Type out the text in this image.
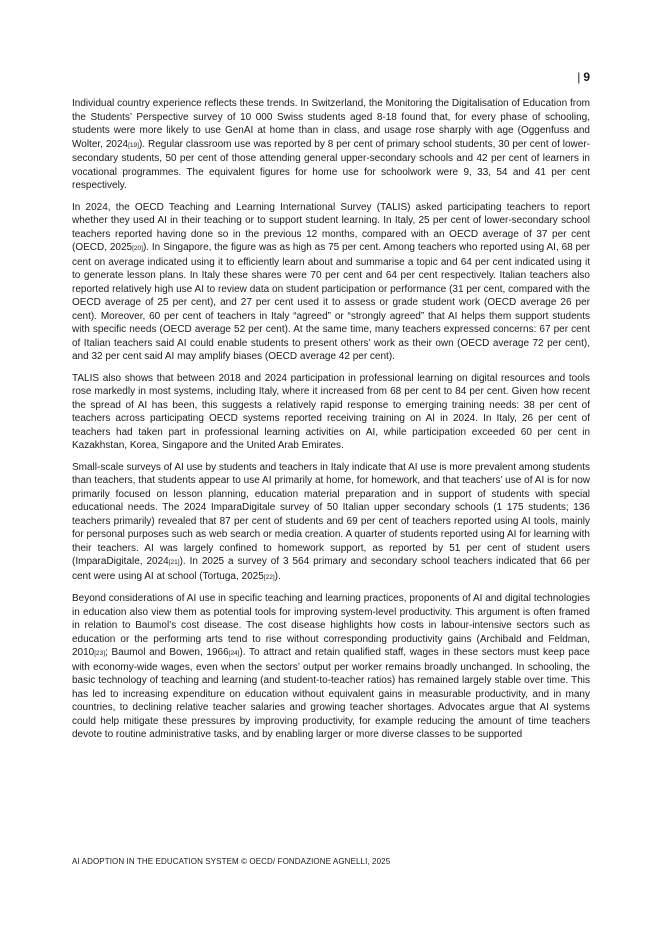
| 9

Individual country experience reflects these trends. In Switzerland, the Monitoring the Digitalisation of Education from the Students’ Perspective survey of 10 000 Swiss students aged 8-18 found that, for every phase of schooling, students were more likely to use GenAI at home than in class, and usage rose sharply with age (Oggenfuss and Wolter, 2024[19]). Regular classroom use was reported by 8 per cent of primary school students, 30 per cent of lower-secondary students, 50 per cent of those attending general upper-secondary schools and 42 per cent of learners in vocational programmes. The equivalent figures for home use for schoolwork were 9, 33, 54 and 41 per cent respectively.

In 2024, the OECD Teaching and Learning International Survey (TALIS) asked participating teachers to report whether they used AI in their teaching or to support student learning. In Italy, 25 per cent of lower-secondary school teachers reported having done so in the previous 12 months, compared with an OECD average of 37 per cent (OECD, 2025[20]). In Singapore, the figure was as high as 75 per cent. Among teachers who reported using AI, 68 per cent on average indicated using it to efficiently learn about and summarise a topic and 64 per cent indicated using it to generate lesson plans. In Italy these shares were 70 per cent and 64 per cent respectively. Italian teachers also reported relatively high use AI to review data on student participation or performance (31 per cent, compared with the OECD average of 25 per cent), and 27 per cent used it to assess or grade student work (OECD average 26 per cent). Moreover, 60 per cent of teachers in Italy “agreed” or “strongly agreed” that AI helps them support students with specific needs (OECD average 52 per cent). At the same time, many teachers expressed concerns: 67 per cent of Italian teachers said AI could enable students to present others’ work as their own (OECD average 72 per cent), and 32 per cent said AI may amplify biases (OECD average 42 per cent).

TALIS also shows that between 2018 and 2024 participation in professional learning on digital resources and tools rose markedly in most systems, including Italy, where it increased from 68 per cent to 84 per cent. Given how recent the spread of AI has been, this suggests a relatively rapid response to emerging training needs: 38 per cent of teachers across participating OECD systems reported receiving training on AI in 2024. In Italy, 26 per cent of teachers had taken part in professional learning activities on AI, while participation exceeded 60 per cent in Kazakhstan, Korea, Singapore and the United Arab Emirates.

Small-scale surveys of AI use by students and teachers in Italy indicate that AI use is more prevalent among students than teachers, that students appear to use AI primarily at home, for homework, and that teachers’ use of AI is for now primarily focused on lesson planning, education material preparation and in support of students with special educational needs. The 2024 ImparaDigitale survey of 50 Italian upper secondary schools (1 175 students; 136 teachers primarily) revealed that 87 per cent of students and 69 per cent of teachers reported using AI tools, mainly for personal purposes such as web search or media creation. A quarter of students reported using AI for learning with their teachers. AI was largely confined to homework support, as reported by 51 per cent of student users (ImparaDigitale, 2024[21]). In 2025 a survey of 3 564 primary and secondary school teachers indicated that 66 per cent were using AI at school (Tortuga, 2025[22]).

Beyond considerations of AI use in specific teaching and learning practices, proponents of AI and digital technologies in education also view them as potential tools for improving system-level productivity. This argument is often framed in relation to Baumol’s cost disease. The cost disease highlights how costs in labour-intensive sectors such as education or the performing arts tend to rise without corresponding productivity gains (Archibald and Feldman, 2010[23]; Baumol and Bowen, 1966[24]). To attract and retain qualified staff, wages in these sectors must keep pace with economy-wide wages, even when the sectors’ output per worker remains broadly unchanged. In schooling, the basic technology of teaching and learning (and student-to-teacher ratios) has remained largely stable over time. This has led to increasing expenditure on education without equivalent gains in measurable productivity, and in many countries, to declining relative teacher salaries and growing teacher shortages. Advocates argue that AI systems could help mitigate these pressures by improving productivity, for example reducing the amount of time teachers devote to routine administrative tasks, and by enabling larger or more diverse classes to be supported

AI ADOPTION IN THE EDUCATION SYSTEM © OECD/ FONDAZIONE AGNELLI, 2025
